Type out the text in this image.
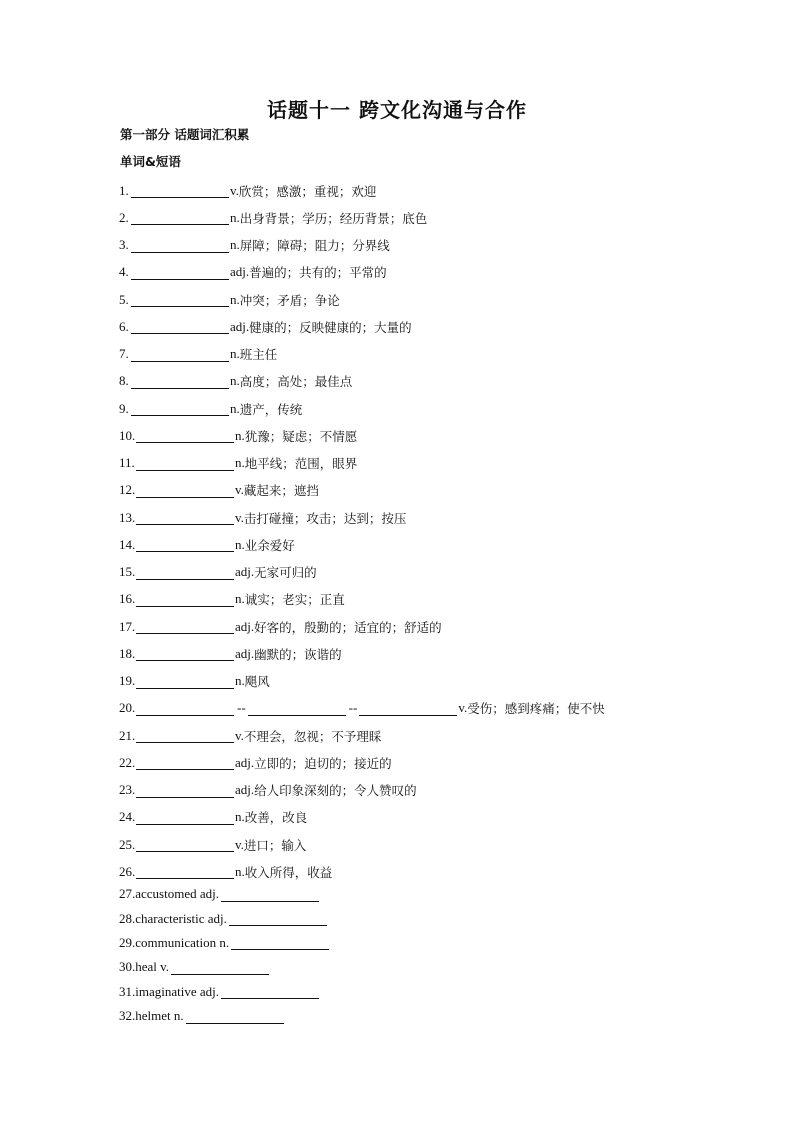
话题十一 跨文化沟通与合作
第一部分 话题词汇积累
单词&短语
1.	v. 欣赏；感激；重视；欢迎
2.	n. 出身背景；学历；经历背景；底色
3.	n. 屏障；障碍；阻力；分界线
4.	adj. 普遍的；共有的；平常的
5.	n. 冲突；矛盾；争论
6.	adj. 健康的；反映健康的；大量的
7.	n. 班主任
8.	n. 高度；高处；最佳点
9.	n. 遗产，传统
10.	n. 犹豫；疑虑；不情愿
11.	n. 地平线；范围，眼界
12.	v. 藏起来；遮挡
13.	v. 击打碰撞；攻击；达到；按压
14.	n. 业余爱好
15.	adj. 无家可归的
16.	n. 诚实；老实；正直
17.	adj. 好客的，殷勤的；适宜的；舒适的
18.	adj. 幽默的；诙谐的
19.	n. 飓风
20.	--	--	v. 受伤；感到疼痛；使不快
21.	v. 不理会，忽视；不予理睬
22.	adj. 立即的；迫切的；接近的
23.	adj. 给人印象深刻的；令人赞叹的
24.	n. 改善，改良
25.	v. 进口；输入
26.	n. 收入所得，收益
27.accustomed adj.
28.characteristic adj.
29.communication n.
30.heal v.
31.imaginative adj.
32.helmet n.
